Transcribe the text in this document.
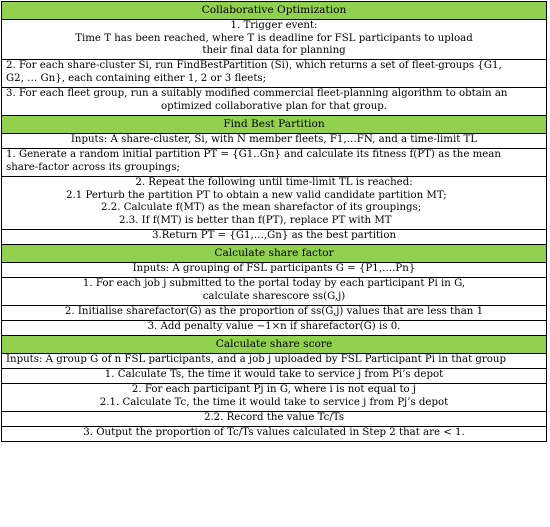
Collaborative Optimization

1. Trigger event:
Time T has been reached, where T is deadline for FSL participants to upload
their final data for planning

2. For each share-cluster Si, run FindBestPartition (Si), which returns a set of fleet-groups {G1,
G2, … Gn}, each containing either 1, 2 or 3 fleets;

3. For each fleet group, run a suitably modified commercial fleet-planning algorithm to obtain an
optimized collaborative plan for that group.

Find Best Partition
Inputs: A share-cluster, Si, with N member fleets, F1,…FN, and a time-limit TL

1. Generate a random initial partition PT = {G1..Gn} and calculate its fitness f(PT) as the mean
share-factor across its groupings;

2. Repeat the following until time-limit TL is reached:
2.1 Perturb the partition PT to obtain a new valid candidate partition MT;
2.2. Calculate f(MT) as the mean sharefactor of its groupings;
2.3. If f(MT) is better than f(PT), replace PT with MT

3.Return PT = {G1,…,Gn} as the best partition
Calculate share factor
Inputs: A grouping of FSL participants G = {P1,….Pn}

1. For each job j submitted to the portal today by each participant Pi in G,
calculate sharescore ss(G,j)

2. Initialise sharefactor(G) as the proportion of ss(G,j) values that are less than 1
3. Add penalty value −1×n if sharefactor(G) is 0.
Calculate share score
Inputs: A group G of n FSL participants, and a job j uploaded by FSL Participant Pi in that group
1. Calculate Ts, the time it would take to service j from Pi’s depot

2. For each participant Pj in G, where i is not equal to j
2.1. Calculate Tc, the time it would take to service j from Pj’s depot

2.2. Record the value Tc/Ts
3. Output the proportion of Tc/Ts values calculated in Step 2 that are < 1.
